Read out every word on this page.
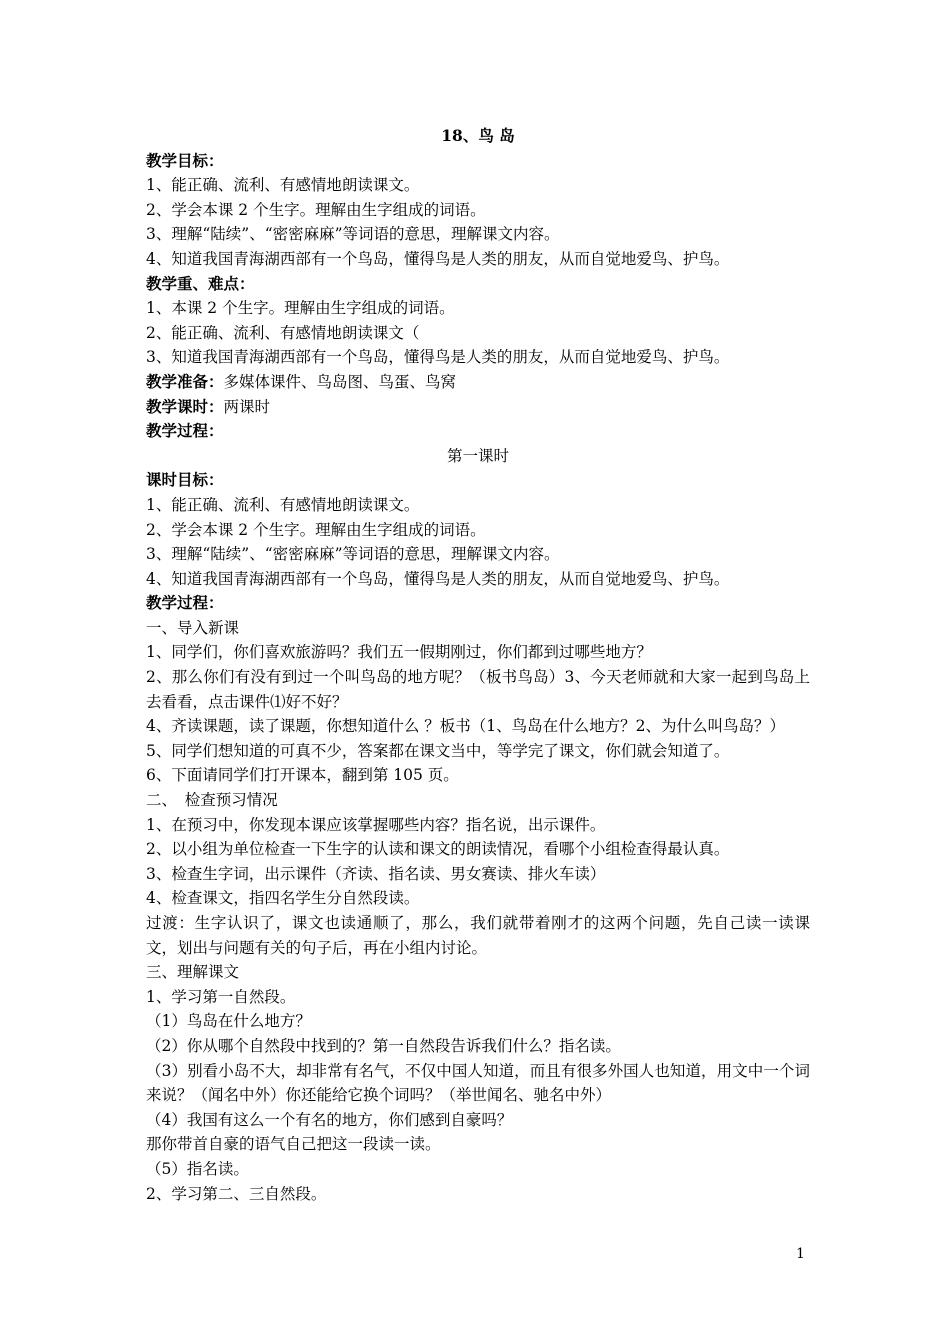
18、鸟 岛
教学目标：
1、能正确、流利、有感情地朗读课文。
2、学会本课 2 个生字。理解由生字组成的词语。
3、理解“陆续”、“密密麻麻”等词语的意思，理解课文内容。
4、知道我国青海湖西部有一个鸟岛，懂得鸟是人类的朋友，从而自觉地爱鸟、护鸟。
教学重、难点：
1、本课 2 个生字。理解由生字组成的词语。
2、能正确、流利、有感情地朗读课文（
3、知道我国青海湖西部有一个鸟岛，懂得鸟是人类的朋友，从而自觉地爱鸟、护鸟。
教学准备：多媒体课件、鸟岛图、鸟蛋、鸟窝
教学课时：两课时
教学过程：
第一课时
课时目标：
1、能正确、流利、有感情地朗读课文。
2、学会本课 2 个生字。理解由生字组成的词语。
3、理解“陆续”、“密密麻麻”等词语的意思，理解课文内容。
4、知道我国青海湖西部有一个鸟岛，懂得鸟是人类的朋友，从而自觉地爱鸟、护鸟。
教学过程：
一、导入新课
1、同学们，你们喜欢旅游吗？我们五一假期刚过，你们都到过哪些地方？
2、那么你们有没有到过一个叫鸟岛的地方呢？（板书鸟岛）3、今天老师就和大家一起到鸟岛上去看看，点击课件⑴好不好？
4、齐读课题，读了课题，你想知道什么 ？板书（1、鸟岛在什么地方？2、为什么叫鸟岛？）
5、同学们想知道的可真不少，答案都在课文当中，等学完了课文，你们就会知道了。
6、下面请同学们打开课本，翻到第 105 页。
二、　检查预习情况
1、在预习中，你发现本课应该掌握哪些内容？指名说，出示课件。
2、以小组为单位检查一下生字的认读和课文的朗读情况，看哪个小组检查得最认真。
3、检查生字词，出示课件（齐读、指名读、男女赛读、排火车读）
4、检查课文，指四名学生分自然段读。
过渡：生字认识了，课文也读通顺了，那么，我们就带着刚才的这两个问题，先自己读一读课文，划出与问题有关的句子后，再在小组内讨论。
三、理解课文
1、学习第一自然段。
（1）鸟岛在什么地方？
（2）你从哪个自然段中找到的？第一自然段告诉我们什么？指名读。
（3）别看小岛不大，却非常有名气，不仅中国人知道，而且有很多外国人也知道，用文中一个词来说？（闻名中外）你还能给它换个词吗？（举世闻名、驰名中外）
（4）我国有这么一个有名的地方，你们感到自豪吗？
那你带首自豪的语气自己把这一段读一读。
（5）指名读。
2、学习第二、三自然段。
1
